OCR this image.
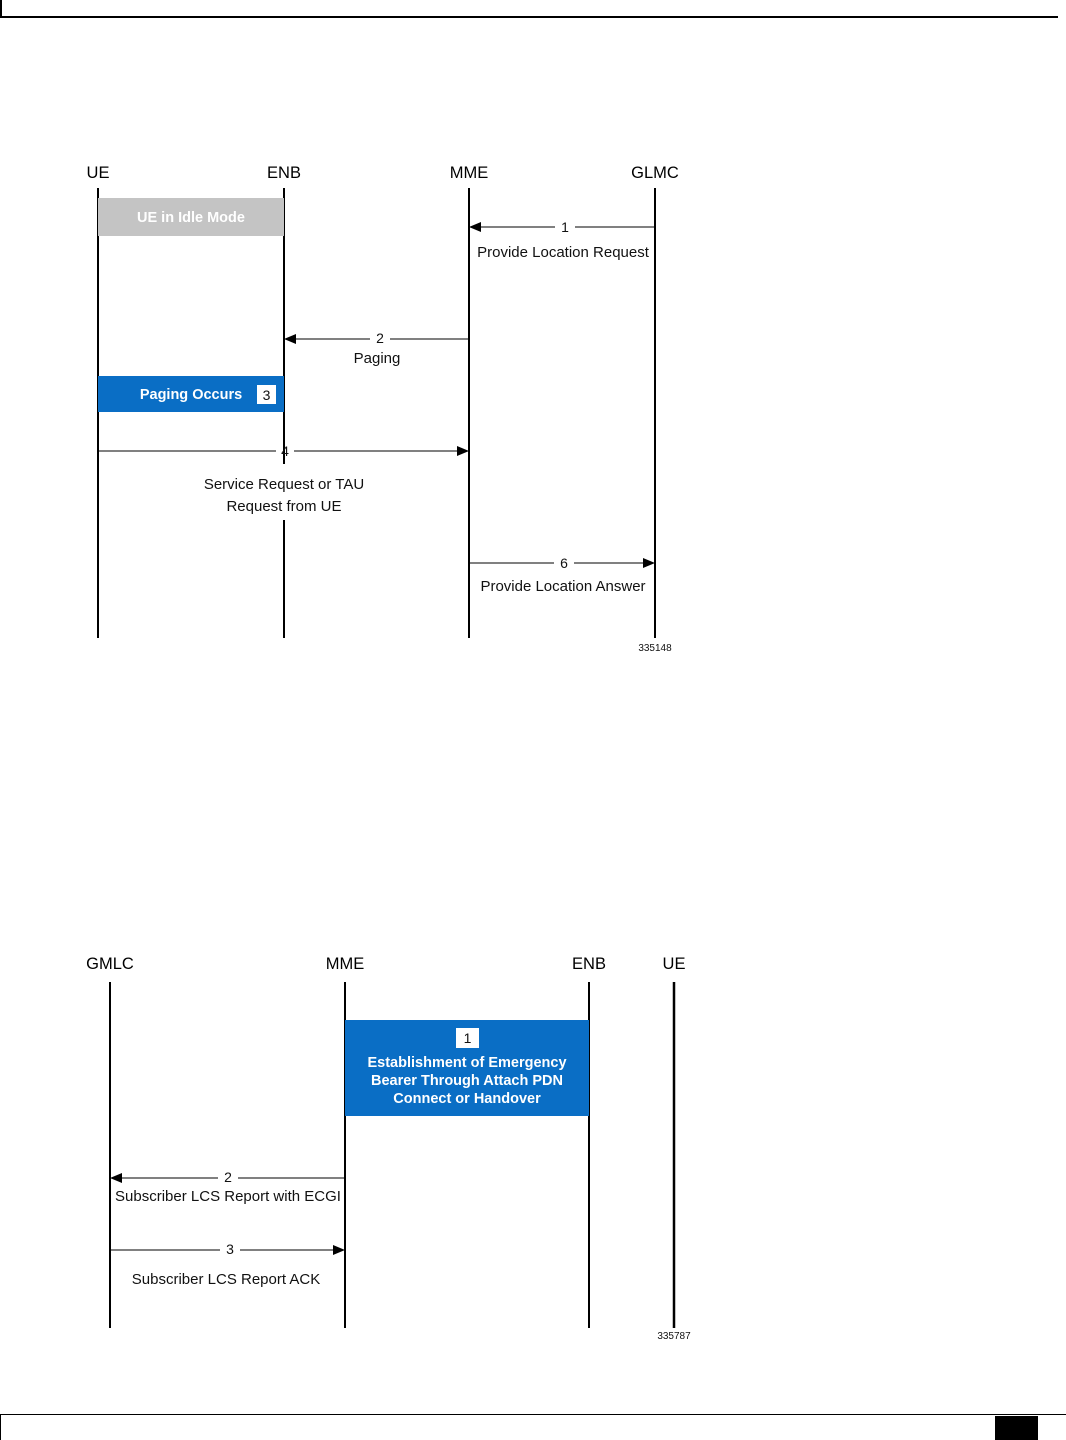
UE	ENB	MME	GLMC
UE in Idle Mode
1
Provide Location Request
2
Paging
Paging Occurs 3
4
Service Request or TAU
Request from UE
6
Provide Location Answer
335148
GMLC	MME	ENB	UE
1
Establishment of Emergency
Bearer Through Attach PDN
Connect or Handover
2
Subscriber LCS Report with ECGI
3
Subscriber LCS Report ACK
335787
